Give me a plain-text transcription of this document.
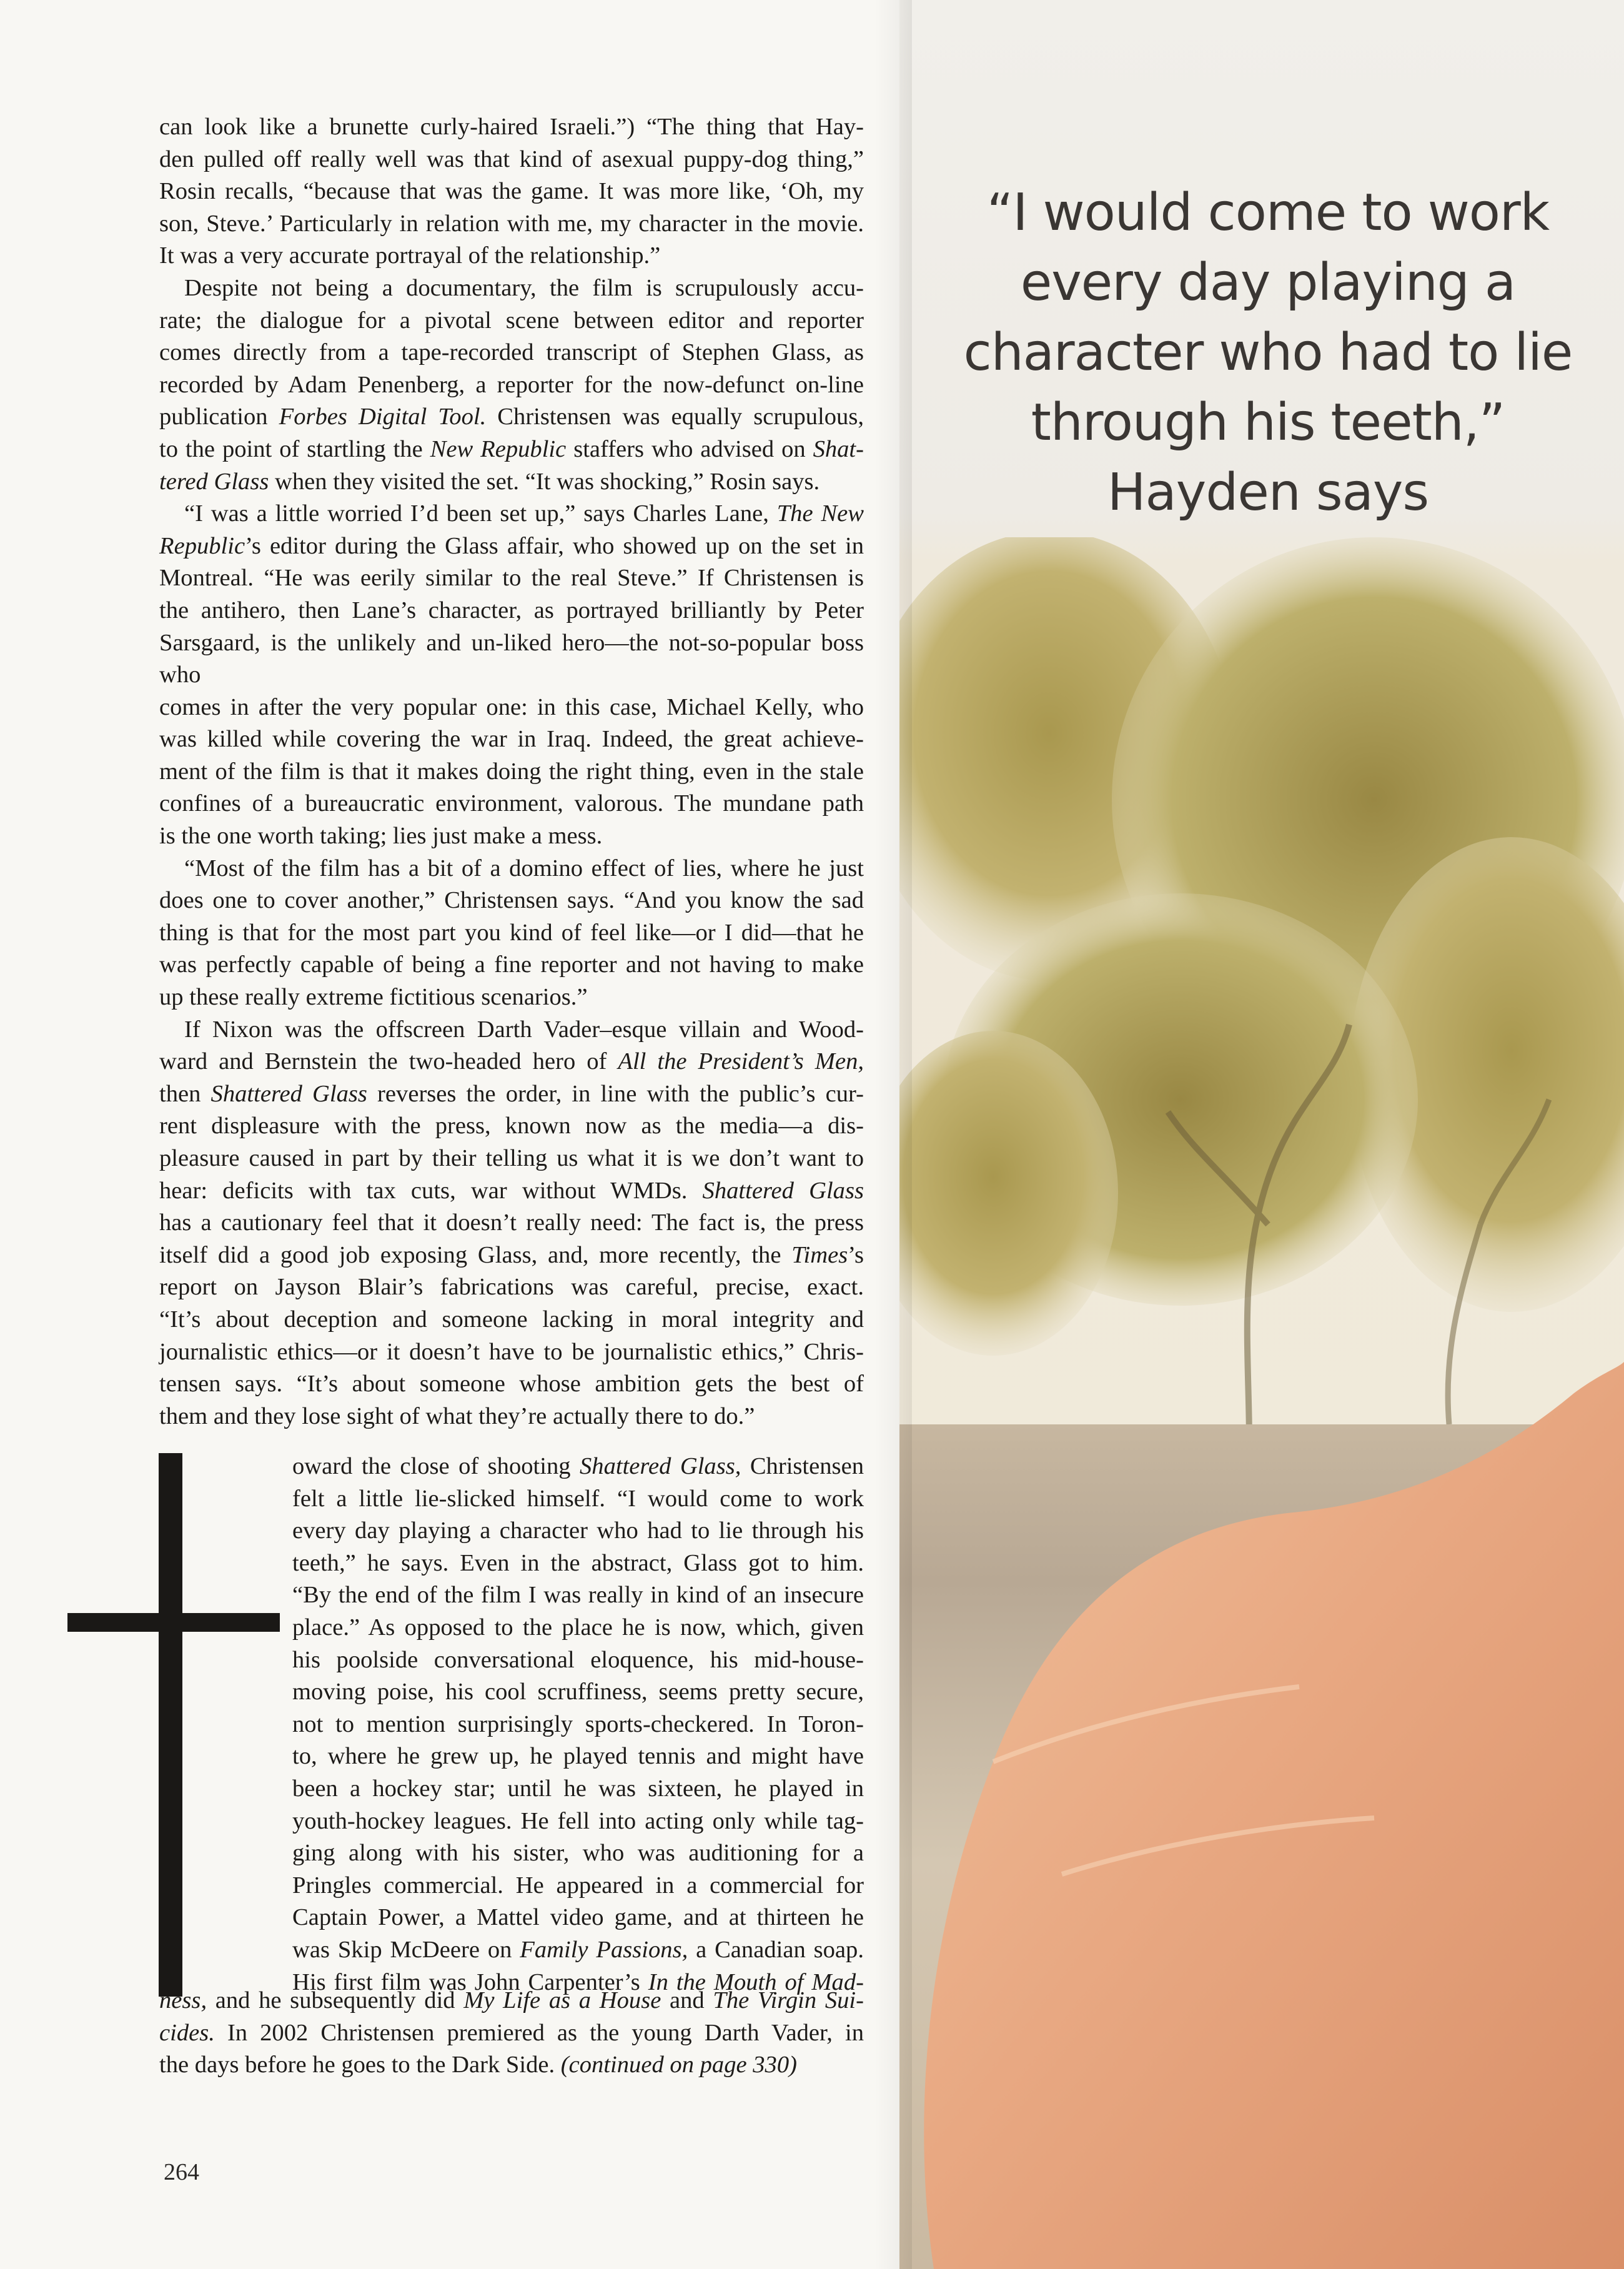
“I would come to work
every day playing a
character who had to lie
through his teeth,”
Hayden says

can look like a brunette curly-haired Israeli.”) “The thing that Hay-
den pulled off really well was that kind of asexual puppy-dog thing,”
Rosin recalls, “because that was the game. It was more like, ‘Oh, my
son, Steve.’ Particularly in relation with me, my character in the movie.
It was a very accurate portrayal of the relationship.”

Despite not being a documentary, the film is scrupulously accu-
rate; the dialogue for a pivotal scene between editor and reporter
comes directly from a tape-recorded transcript of Stephen Glass, as
recorded by Adam Penenberg, a reporter for the now-defunct on-line
publication Forbes Digital Tool. Christensen was equally scrupulous,
to the point of startling the New Republic staffers who advised on Shat-
tered Glass when they visited the set. “It was shocking,” Rosin says.

“I was a little worried I’d been set up,” says Charles Lane, The New
Republic’s editor during the Glass affair, who showed up on the set in
Montreal. “He was eerily similar to the real Steve.” If Christensen is
the antihero, then Lane’s character, as portrayed brilliantly by Peter
Sarsgaard, is the unlikely and un-liked hero—the not-so-popular boss who
comes in after the very popular one: in this case, Michael Kelly, who
was killed while covering the war in Iraq. Indeed, the great achieve-
ment of the film is that it makes doing the right thing, even in the stale
confines of a bureaucratic environment, valorous. The mundane path
is the one worth taking; lies just make a mess.

“Most of the film has a bit of a domino effect of lies, where he just
does one to cover another,” Christensen says. “And you know the sad
thing is that for the most part you kind of feel like—or I did—that he
was perfectly capable of being a fine reporter and not having to make
up these really extreme fictitious scenarios.”

If Nixon was the offscreen Darth Vader–esque villain and Wood-
ward and Bernstein the two-headed hero of All the President’s Men,
then Shattered Glass reverses the order, in line with the public’s cur-
rent displeasure with the press, known now as the media—a dis-
pleasure caused in part by their telling us what it is we don’t want to
hear: deficits with tax cuts, war without WMDs. Shattered Glass
has a cautionary feel that it doesn’t really need: The fact is, the press
itself did a good job exposing Glass, and, more recently, the Times’s
report on Jayson Blair’s fabrications was careful, precise, exact.
“It’s about deception and someone lacking in moral integrity and
journalistic ethics—or it doesn’t have to be journalistic ethics,” Chris-
tensen says. “It’s about someone whose ambition gets the best of
them and they lose sight of what they’re actually there to do.”

oward the close of shooting Shattered Glass, Christensen
felt a little lie-slicked himself. “I would come to work
every day playing a character who had to lie through his
teeth,” he says. Even in the abstract, Glass got to him.
“By the end of the film I was really in kind of an insecure
place.” As opposed to the place he is now, which, given
his poolside conversational eloquence, his mid-house-
moving poise, his cool scruffiness, seems pretty secure,
not to mention surprisingly sports-checkered. In Toron-
to, where he grew up, he played tennis and might have
been a hockey star; until he was sixteen, he played in
youth-hockey leagues. He fell into acting only while tag-
ging along with his sister, who was auditioning for a
Pringles commercial. He appeared in a commercial for
Captain Power, a Mattel video game, and at thirteen he
was Skip McDeere on Family Passions, a Canadian soap.
His first film was John Carpenter’s In the Mouth of Mad-
ness, and he subsequently did My Life as a House and The Virgin Sui-
cides. In 2002 Christensen premiered as the young Darth Vader, in
the days before he goes to the Dark Side. (continued on page 330)
264
